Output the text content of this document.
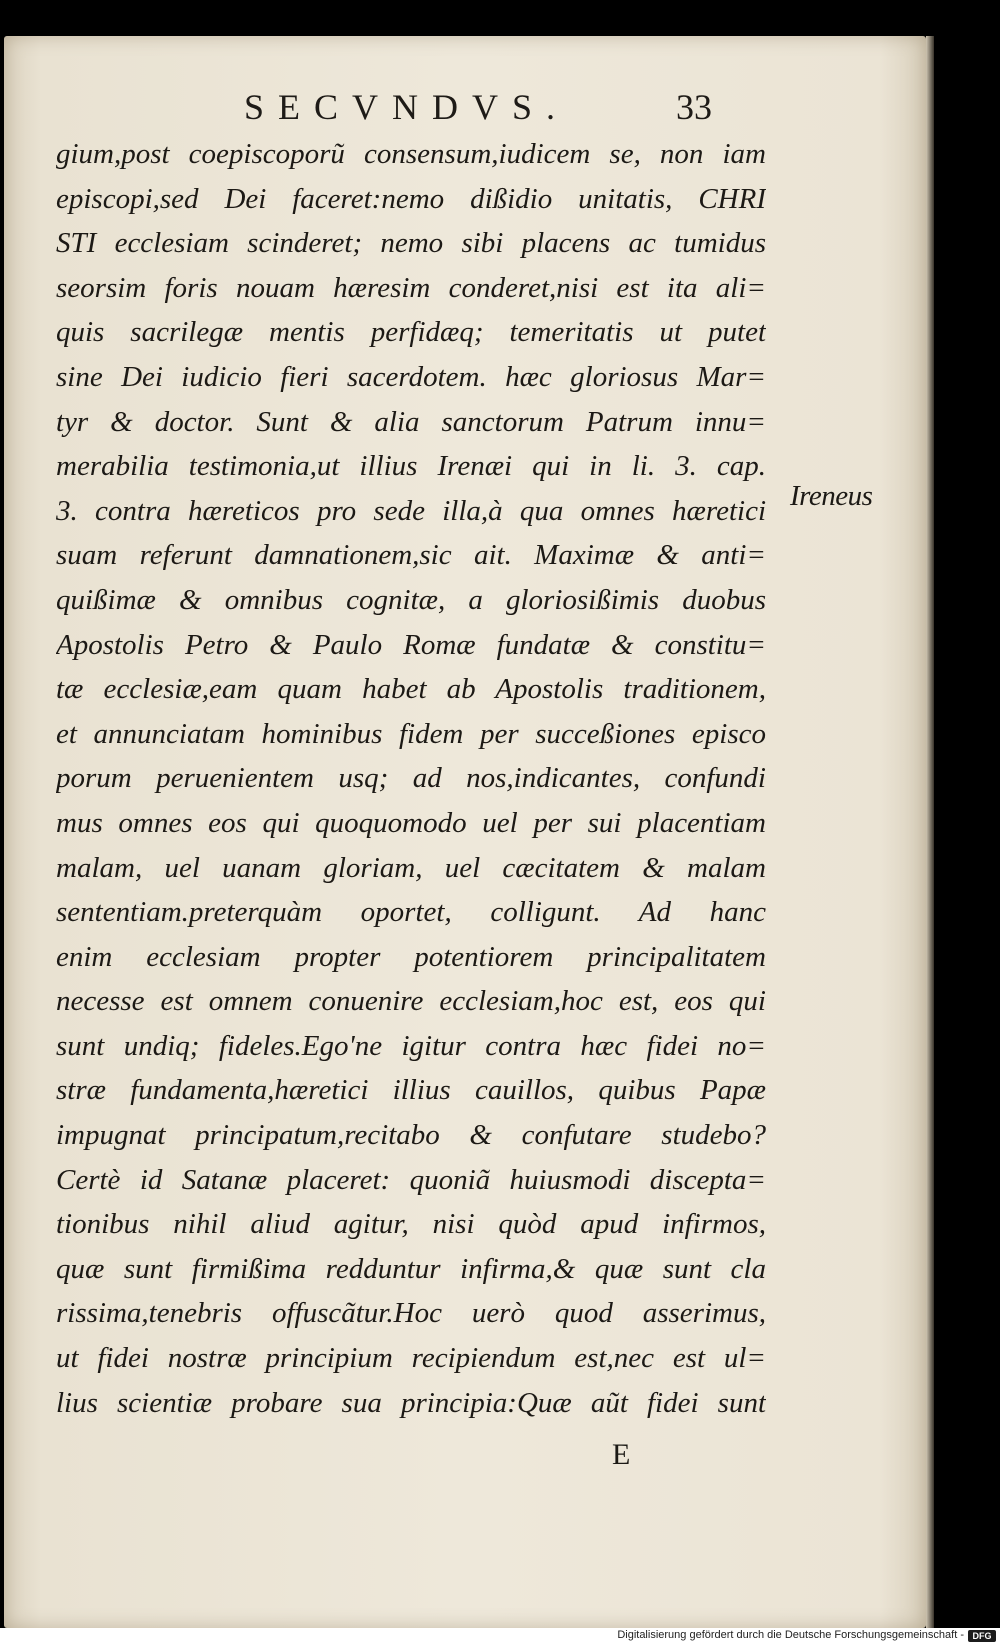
SECVNDVS.	33
gium,post coepiscoporũ consensum,iudicem se, non iam
episcopi,sed Dei faceret:nemo dißidio unitatis, CHRI
STI ecclesiam scinderet; nemo sibi placens ac tumidus
seorsim foris nouam hæresim conderet,nisi est ita ali=
quis sacrilegæ mentis perfidæq; temeritatis ut putet
sine Dei iudicio fieri sacerdotem. hæc gloriosus Mar=
tyr & doctor. Sunt & alia sanctorum Patrum innu=
merabilia testimonia,ut illius Irenæi qui in li. 3. cap.
3. contra hæreticos pro sede illa,à qua omnes hæretici
suam referunt damnationem,sic ait. Maximæ & anti=
quißimæ & omnibus cognitæ, a gloriosißimis duobus
Apostolis Petro & Paulo Romæ fundatæ & constitu=
tæ ecclesiæ,eam quam habet ab Apostolis traditionem,
et annunciatam hominibus fidem per succeßiones episco
porum peruenientem usq; ad nos,indicantes, confundi
mus omnes eos qui quoquomodo uel per sui placentiam
malam, uel uanam gloriam, uel cæcitatem & malam
sententiam.preterquàm oportet, colligunt. Ad hanc
enim ecclesiam propter potentiorem principalitatem
necesse est omnem conuenire ecclesiam,hoc est, eos qui
sunt undiq; fideles.Ego'ne igitur contra hæc fidei no=
stræ fundamenta,hæretici illius cauillos, quibus Papæ
impugnat principatum,recitabo & confutare studebo?
Certè id Satanæ placeret: quoniã huiusmodi discepta=
tionibus nihil aliud agitur, nisi quòd apud infirmos,
quæ sunt firmißima redduntur infirma,& quæ sunt cla
rissima,tenebris offuscãtur.Hoc uerò quod asserimus,
ut fidei nostræ principium recipiendum est,nec est ul=
lius scientiæ probare sua principia:Quæ aũt fidei sunt
Ireneus
E
Digitalisierung gefördert durch die Deutsche Forschungsgemeinschaft - DFG
